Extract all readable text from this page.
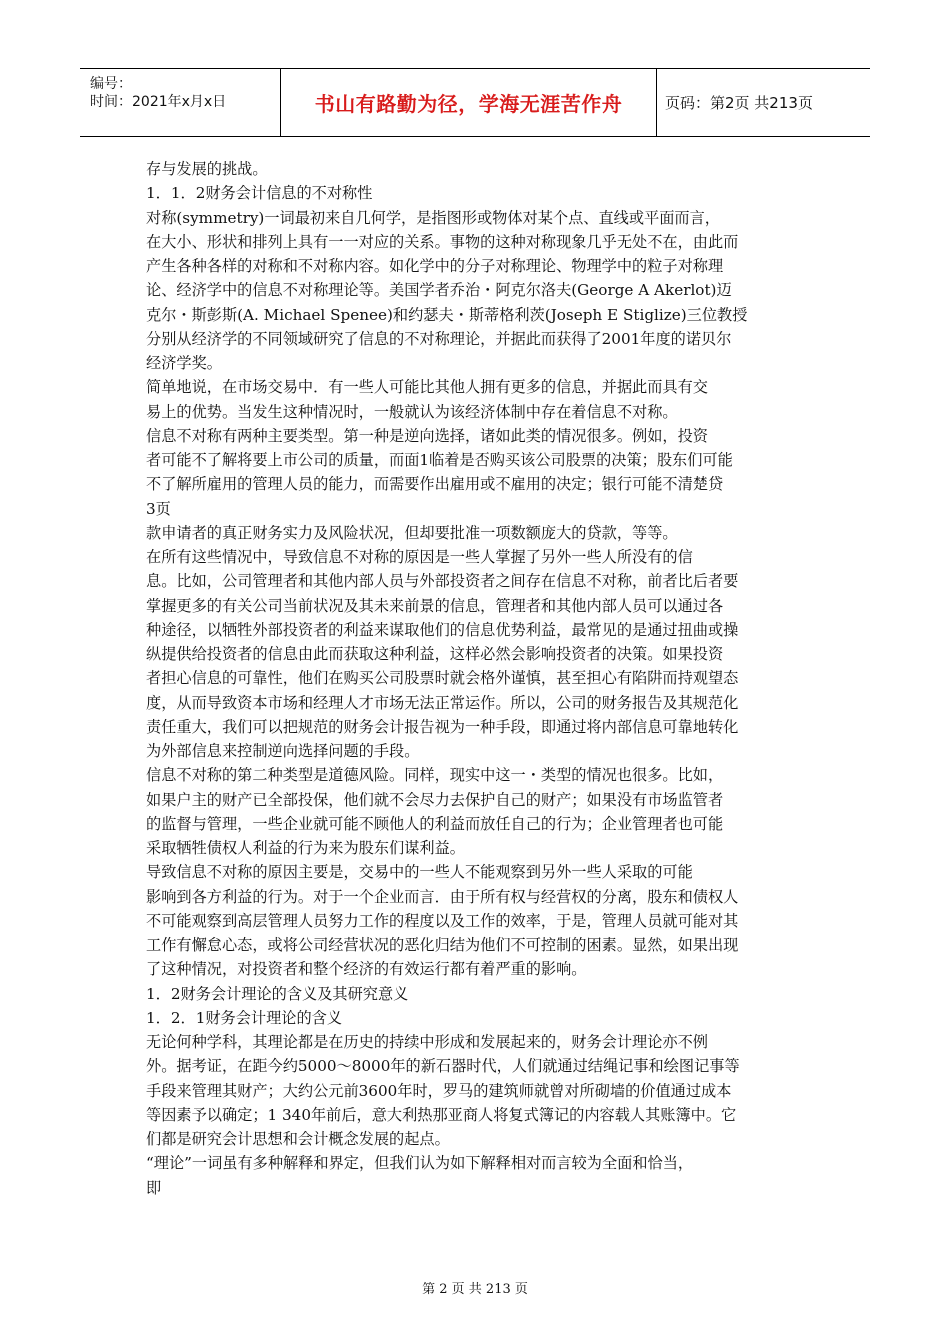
编号：
时间：2021年x月x日	书山有路勤为径，学海无涯苦作舟	页码：第2页 共213页
存与发展的挑战。
1．1．2财务会计信息的不对称性
对称(symmetry)一词最初来自几何学，是指图形或物体对某个点、直线或平面而言，
在大小、形状和排列上具有一一对应的关系。事物的这种对称现象几乎无处不在，由此而
产生各种各样的对称和不对称内容。如化学中的分子对称理论、物理学中的粒子对称理
论、经济学中的信息不对称理论等。美国学者乔治・阿克尔洛夫(George A Akerlot)迈
克尔・斯彭斯(A. Michael Spenee)和约瑟夫・斯蒂格利茨(Joseph E Stiglize)三位教授
分别从经济学的不同领域研究了信息的不对称理论，并据此而获得了2001年度的诺贝尔
经济学奖。
简单地说，在市场交易中．有一些人可能比其他人拥有更多的信息，并据此而具有交
易上的优势。当发生这种情况时，一般就认为该经济体制中存在着信息不对称。
信息不对称有两种主要类型。第一种是逆向选择，诸如此类的情况很多。例如，投资
者可能不了解将要上市公司的质量，而面1临着是否购买该公司股票的决策；股东们可能
不了解所雇用的管理人员的能力，而需要作出雇用或不雇用的决定；银行可能不清楚贷
3页
款申请者的真正财务实力及风险状况，但却要批准一项数额庞大的贷款，等等。
在所有这些情况中，导致信息不对称的原因是一些人掌握了另外一些人所没有的信
息。比如，公司管理者和其他内部人员与外部投资者之间存在信息不对称，前者比后者要
掌握更多的有关公司当前状况及其未来前景的信息，管理者和其他内部人员可以通过各
种途径，以牺牲外部投资者的利益来谋取他们的信息优势利益，最常见的是通过扭曲或操
纵提供给投资者的信息由此而获取这种利益，这样必然会影响投资者的决策。如果投资
者担心信息的可靠性，他们在购买公司股票时就会格外谨慎，甚至担心有陷阱而持观望态
度，从而导致资本市场和经理人才市场无法正常运作。所以，公司的财务报告及其规范化
责任重大，我们可以把规范的财务会计报告视为一种手段，即通过将内部信息可靠地转化
为外部信息来控制逆向选择问题的手段。
信息不对称的第二种类型是道德风险。同样，现实中这一・类型的情况也很多。比如，
如果户主的财产已全部投保，他们就不会尽力去保护自己的财产；如果没有市场监管者
的监督与管理，一些企业就可能不顾他人的利益而放任自己的行为；企业管理者也可能
采取牺牲债权人利益的行为来为股东们谋利益。
导致信息不对称的原因主要是，交易中的一些人不能观察到另外一些人采取的可能
影响到各方利益的行为。对于一个企业而言．由于所有权与经营权的分离，股东和债权人
不可能观察到高层管理人员努力工作的程度以及工作的效率，于是，管理人员就可能对其
工作有懈怠心态，或将公司经营状况的恶化归结为他们不可控制的困素。显然，如果出现
了这种情况，对投资者和整个经济的有效运行都有着严重的影响。
1．2财务会计理论的含义及其研究意义
1．2．1财务会计理论的含义
无论何种学科，其理论都是在历史的持续中形成和发展起来的，财务会计理论亦不例
外。据考证，在距今约5000～8000年的新石器时代，人们就通过结绳记事和绘图记事等
手段来管理其财产；大约公元前3600年时，罗马的建筑师就曾对所砌墙的价值通过成本
等因素予以确定；1 340年前后，意大利热那亚商人将复式簿记的内容载人其账簿中。它
们都是研究会计思想和会计概念发展的起点。
“理论”一词虽有多种解释和界定，但我们认为如下解释相对而言较为全面和恰当，
即
第 2 页 共 213 页
